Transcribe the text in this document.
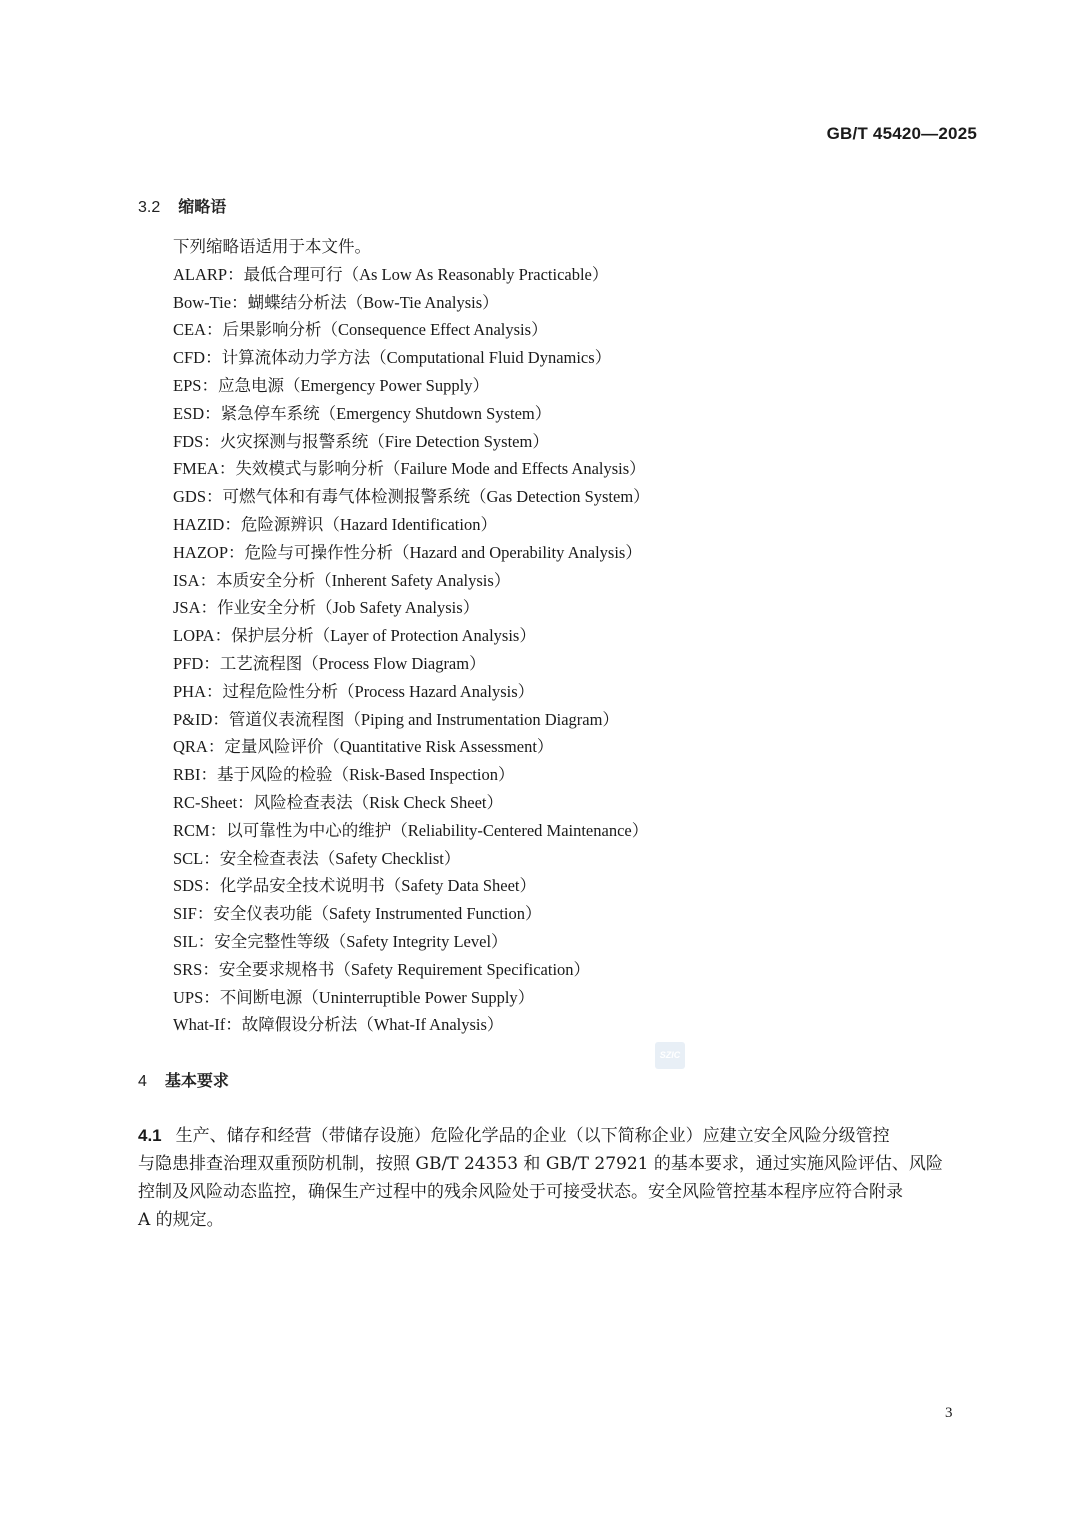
GB/T 45420—2025
3.2 缩略语
下列缩略语适用于本文件。
ALARP：最低合理可行（As Low As Reasonably Practicable）
Bow-Tie：蝴蝶结分析法（Bow-Tie Analysis）
CEA：后果影响分析（Consequence Effect Analysis）
CFD：计算流体动力学方法（Computational Fluid Dynamics）
EPS：应急电源（Emergency Power Supply）
ESD：紧急停车系统（Emergency Shutdown System）
FDS：火灾探测与报警系统（Fire Detection System）
FMEA：失效模式与影响分析（Failure Mode and Effects Analysis）
GDS：可燃气体和有毒气体检测报警系统（Gas Detection System）
HAZID：危险源辨识（Hazard Identification）
HAZOP：危险与可操作性分析（Hazard and Operability Analysis）
ISA：本质安全分析（Inherent Safety Analysis）
JSA：作业安全分析（Job Safety Analysis）
LOPA：保护层分析（Layer of Protection Analysis）
PFD：工艺流程图（Process Flow Diagram）
PHA：过程危险性分析（Process Hazard Analysis）
P&ID：管道仪表流程图（Piping and Instrumentation Diagram）
QRA：定量风险评价（Quantitative Risk Assessment）
RBI：基于风险的检验（Risk-Based Inspection）
RC-Sheet：风险检查表法（Risk Check Sheet）
RCM：以可靠性为中心的维护（Reliability-Centered Maintenance）
SCL：安全检查表法（Safety Checklist）
SDS：化学品安全技术说明书（Safety Data Sheet）
SIF：安全仪表功能（Safety Instrumented Function）
SIL：安全完整性等级（Safety Integrity Level）
SRS：安全要求规格书（Safety Requirement Specification）
UPS：不间断电源（Uninterruptible Power Supply）
What-If：故障假设分析法（What-If Analysis）
SZIC
4 基本要求
4.1 生产、储存和经营（带储存设施）危险化学品的企业（以下简称企业）应建立安全风险分级管控
与隐患排查治理双重预防机制，按照 GB/T 24353 和 GB/T 27921 的基本要求，通过实施风险评估、风险
控制及风险动态监控，确保生产过程中的残余风险处于可接受状态。安全风险管控基本程序应符合附录
A 的规定。
3
